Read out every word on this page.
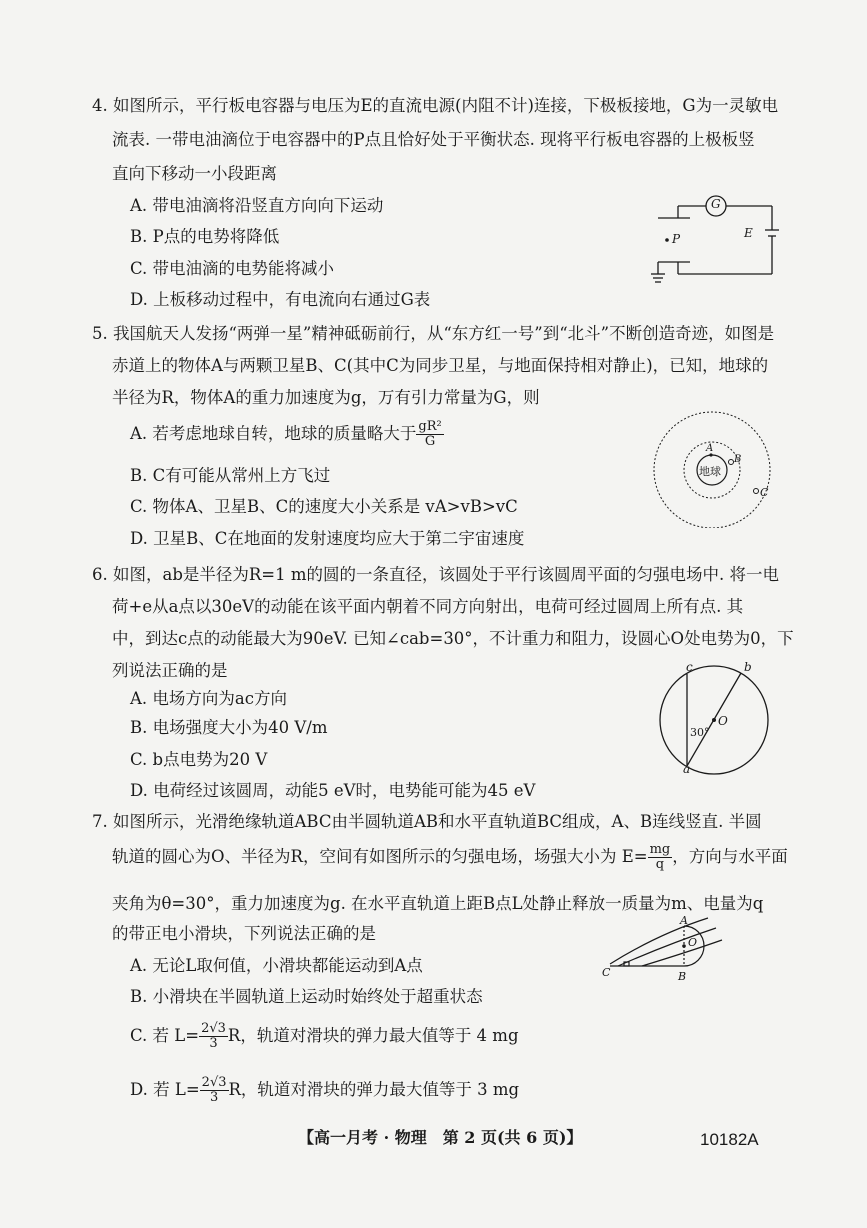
4. 如图所示，平行板电容器与电压为E的直流电源(内阻不计)连接，下极板接地，G为一灵敏电
流表. 一带电油滴位于电容器中的P点且恰好处于平衡状态. 现将平行板电容器的上极板竖
直向下移动一小段距离
A. 带电油滴将沿竖直方向向下运动
B. P点的电势将降低
C. 带电油滴的电势能将减小
D. 上板移动过程中，有电流向右通过G表
G
P	E
5. 我国航天人发扬“两弹一星”精神砥砺前行，从“东方红一号”到“北斗”不断创造奇迹，如图是
赤道上的物体A与两颗卫星B、C(其中C为同步卫星，与地面保持相对静止)，已知，地球的
半径为R，物体A的重力加速度为g，万有引力常量为G，则
A. 若考虑地球自转，地球的质量略大于 $\frac{\text{gR²}}{G}$
B. C有可能从常州上方飞过
C. 物体A、卫星B、C的速度大小关系是 vA>vB>vC
D. 卫星B、C在地面的发射速度均应大于第二宇宙速度
地球
A
B
C
6. 如图，ab是半径为R=1 m的圆的一条直径，该圆处于平行该圆周平面的匀强电场中. 将一电
荷+e从a点以30eV的动能在该平面内朝着不同方向射出，电荷可经过圆周上所有点. 其
中，到达c点的动能最大为90eV. 已知∠cab=30°，不计重力和阻力，设圆心O处电势为0，下
列说法正确的是
A. 电场方向为ac方向
B. 电场强度大小为40 V/m
C. b点电势为20 V
D. 电荷经过该圆周，动能5 eV时，电势能可能为45 eV
a
b
c
O
30°
7. 如图所示，光滑绝缘轨道ABC由半圆轨道AB和水平直轨道BC组成，A、B连线竖直. 半圆
轨道的圆心为O、半径为R，空间有如图所示的匀强电场，场强大小为 $E= \frac{mg}{q}$ ，方向与水平面
夹角为θ=30°，重力加速度为g. 在水平直轨道上距B点L处静止释放一质量为m、电量为q
的带正电小滑块，下列说法正确的是
A. 无论L取何值，小滑块都能运动到A点
B. 小滑块在半圆轨道上运动时始终处于超重状态
C. 若 $L= \frac{2√3}{3}$ R，轨道对滑块的弹力最大值等于 4 mg
D. 若 $L= \frac{2√3}{3}$ R，轨道对滑块的弹力最大值等于 3 mg
A
B
C
O
【高一月考 · 物理　第 2 页(共 6 页)】	10182A
